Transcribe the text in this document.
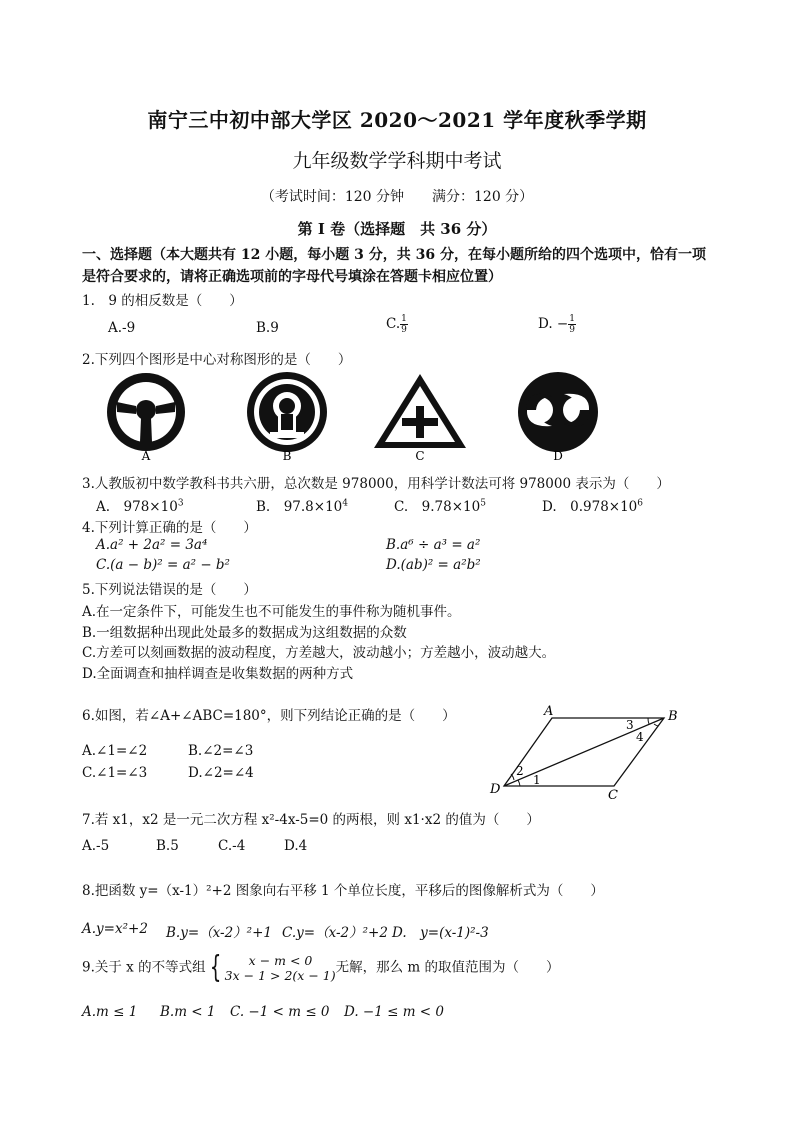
南宁三中初中部大学区 2020～2021 学年度秋季学期
九年级数学学科期中考试
（考试时间：120 分钟　　满分：120 分）
第 I 卷（选择题　共 36 分）
一、选择题（本大题共有 12 小题，每小题 3 分，共 36 分，在每小题所给的四个选项中，恰有一项
是符合要求的，请将正确选项前的字母代号填涂在答题卡相应位置）
1.　9 的相反数是（　　）
A.-9	B.9	C. $\frac{1}{9}$	D. − $\frac{1}{9}$
2.下列四个图形是中心对称图形的是（　　）
A	B	C	D
3.人教版初中数学教科书共六册，总次数是 978000，用科学计数法可将 978000 表示为（　　）
A.　$978\times 10^3$	B.　$97.8\times 10^4$	C.　$9.78\times 10^5$	D.　$0.978\times 10^6$
4.下列计算正确的是（　　）
A.a² + 2a² = 3a⁴	B.a⁶ ÷ a³ = a²
C.(a − b)² = a² − b²	D.(ab)² = a²b²
5.下列说法错误的是（　　）
A.在一定条件下，可能发生也不可能发生的事件称为随机事件。
B.一组数据种出现此处最多的数据成为这组数据的众数
C.方差可以刻画数据的波动程度，方差越大，波动越小；方差越小，波动越大。
D.全面调查和抽样调查是收集数据的两种方式
6.如图，若∠A+∠ABC=180°，则下列结论正确的是（　　）
A.∠1=∠2	B.∠2=∠3
C.∠1=∠3	D.∠2=∠4
A	B
C
D
1
2
3
4
7.若 x1，x2 是一元二次方程 x²-4x-5=0 的两根，则 x1·x2 的值为（　　）
A.-5	B.5	C.-4	D.4
8.把函数 y=（x-1）²+2 图象向右平移 1 个单位长度，平移后的图像解析式为（　　）
A.y=x²+2 B.y=（x-2）²+1 C.y=（x-2）²+2 D.　y=(x-1)²-3
9.关于 x 的不等式组 {	x − m < 0
3x − 1 > 2(x − 1) 无解，那么 m 的取值范围为（　　）
A.m ≤ 1 B.m < 1 C. −1 < m ≤ 0 D. −1 ≤ m < 0
